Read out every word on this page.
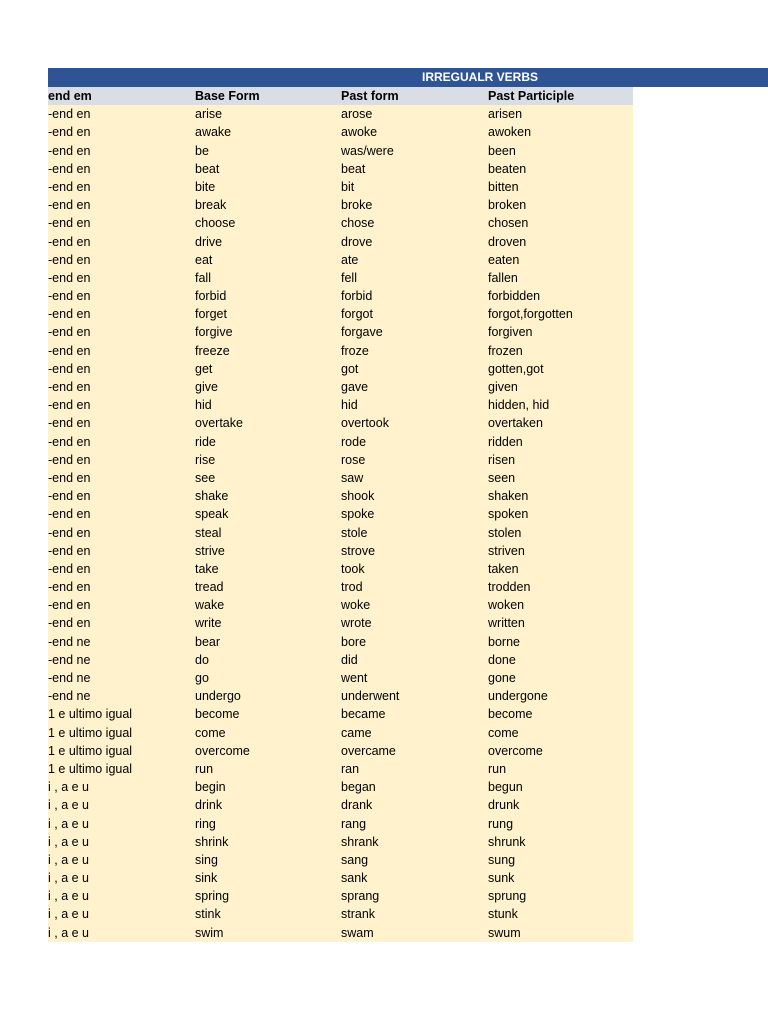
IRREGUALR VERBS
end em	Base Form	Past form	Past Participle
-end en	arise	arose	arisen
-end en	awake	awoke	awoken
-end en	be	was/were	been
-end en	beat	beat	beaten
-end en	bite	bit	bitten
-end en	break	broke	broken
-end en	choose	chose	chosen
-end en	drive	drove	droven
-end en	eat	ate	eaten
-end en	fall	fell	fallen
-end en	forbid	forbid	forbidden
-end en	forget	forgot	forgot,forgotten
-end en	forgive	forgave	forgiven
-end en	freeze	froze	frozen
-end en	get	got	gotten,got
-end en	give	gave	given
-end en	hid	hid	hidden, hid
-end en	overtake	overtook	overtaken
-end en	ride	rode	ridden
-end en	rise	rose	risen
-end en	see	saw	seen
-end en	shake	shook	shaken
-end en	speak	spoke	spoken
-end en	steal	stole	stolen
-end en	strive	strove	striven
-end en	take	took	taken
-end en	tread	trod	trodden
-end en	wake	woke	woken
-end en	write	wrote	written
-end ne	bear	bore	borne
-end ne	do	did	done
-end ne	go	went	gone
-end ne	undergo	underwent	undergone
1 e ultimo igual	become	became	become
1 e ultimo igual	come	came	come
1 e ultimo igual	overcome	overcame	overcome
1 e ultimo igual	run	ran	run
i , a e u	begin	began	begun
i , a e u	drink	drank	drunk
i , a e u	ring	rang	rung
i , a e u	shrink	shrank	shrunk
i , a e u	sing	sang	sung
i , a e u	sink	sank	sunk
i , a e u	spring	sprang	sprung
i , a e u	stink	strank	stunk
i , a e u	swim	swam	swum
